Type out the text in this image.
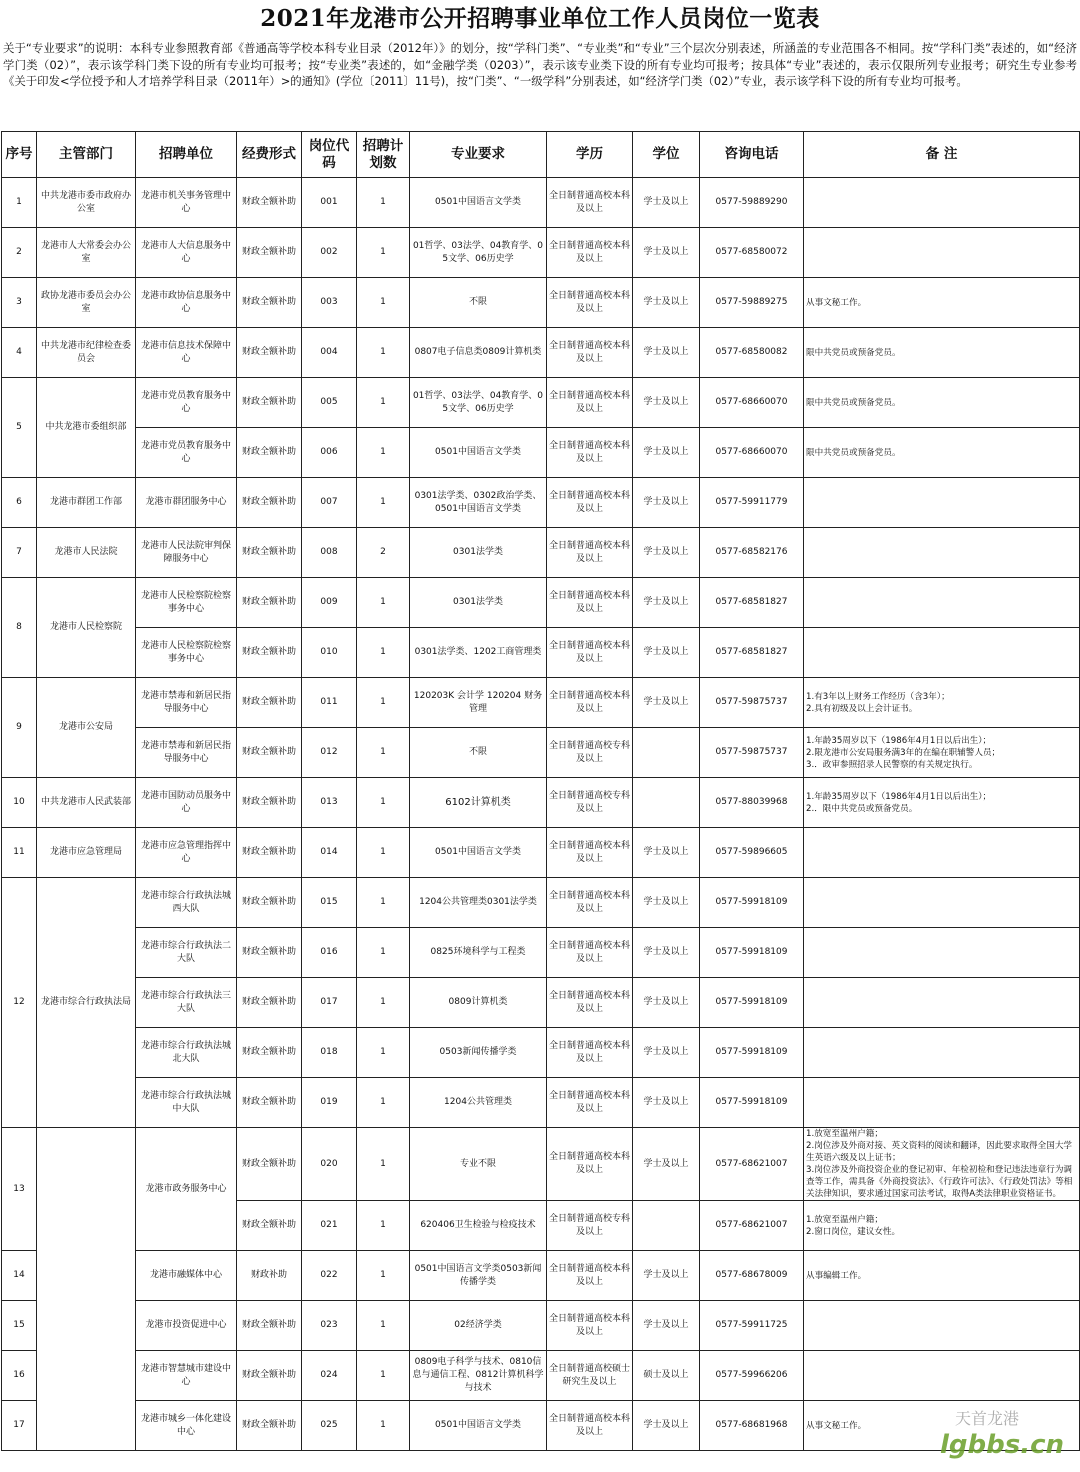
2021年龙港市公开招聘事业单位工作人员岗位一览表
关于“专业要求”的说明：本科专业参照教育部《普通高等学校本科专业目录（2012年）》的划分，按“学科门类”、“专业类”和“专业”三个层次分别表述，所涵盖的专业范围各不相同。按“学科门类”表述的，如“经济学门类（02）”，表示该学科门类下设的所有专业均可报考；按“专业类”表述的，如“金融学类（0203）”，表示该专业类下设的所有专业均可报考；按具体“专业”表述的，表示仅限所列专业报考；研究生专业参考《关于印发<学位授予和人才培养学科目录（2011年）>的通知》(学位〔2011〕11号)，按“门类”、“一级学科”分别表述，如“经济学门类（02）”专业，表示该学科下设的所有专业均可报考。
序号	主管部门	招聘单位	经费形式	岗位代码	招聘计划数	专业要求	学历	学位	咨询电话	备 注
1	中共龙港市委市政府办公室	龙港市机关事务管理中心	财政全额补助	001	1	0501中国语言文学类	全日制普通高校本科及以上	学士及以上	0577-59889290	
2	龙港市人大常委会办公室	龙港市人大信息服务中心	财政全额补助	002	1	01哲学、03法学、04教育学、05文学、06历史学	全日制普通高校本科及以上	学士及以上	0577-68580072	
3	政协龙港市委员会办公室	龙港市政协信息服务中心	财政全额补助	003	1	不限	全日制普通高校本科及以上	学士及以上	0577-59889275	从事文秘工作。
4	中共龙港市纪律检查委员会	龙港市信息技术保障中心	财政全额补助	004	1	0807电子信息类0809计算机类	全日制普通高校本科及以上	学士及以上	0577-68580082	限中共党员或预备党员。
5	中共龙港市委组织部	龙港市党员教育服务中心	财政全额补助	005	1	01哲学、03法学、04教育学、05文学、06历史学	全日制普通高校本科及以上	学士及以上	0577-68660070	限中共党员或预备党员。
		龙港市党员教育服务中心	财政全额补助	006	1	0501中国语言文学类	全日制普通高校本科及以上	学士及以上	0577-68660070	限中共党员或预备党员。
6	龙港市群团工作部	龙港市群团服务中心	财政全额补助	007	1	0301法学类、0302政治学类、0501中国语言文学类	全日制普通高校本科及以上	学士及以上	0577-59911779	
7	龙港市人民法院	龙港市人民法院审判保障服务中心	财政全额补助	008	2	0301法学类	全日制普通高校本科及以上	学士及以上	0577-68582176	
8	龙港市人民检察院	龙港市人民检察院检察事务中心	财政全额补助	009	1	0301法学类	全日制普通高校本科及以上	学士及以上	0577-68581827	
		龙港市人民检察院检察事务中心	财政全额补助	010	1	0301法学类、1202工商管理类	全日制普通高校本科及以上	学士及以上	0577-68581827	
9	龙港市公安局	龙港市禁毒和新居民指导服务中心	财政全额补助	011	1	120203K 会计学 120204 财务管理	全日制普通高校本科及以上	学士及以上	0577-59875737	1.有3年以上财务工作经历（含3年）；
2.具有初级及以上会计证书。
		龙港市禁毒和新居民指导服务中心	财政全额补助	012	1	不限	全日制普通高校专科及以上		0577-59875737	1.年龄35周岁以下（1986年4月1日以后出生）；
2.限龙港市公安局服务满3年的在编在职辅警人员；
3.．政审参照招录人民警察的有关规定执行。
10	中共龙港市人民武装部	龙港市国防动员服务中心	财政全额补助	013	1	6102计算机类	全日制普通高校专科及以上		0577-88039968	1.年龄35周岁以下（1986年4月1日以后出生）；
2.．限中共党员或预备党员。
11	龙港市应急管理局	龙港市应急管理指挥中心	财政全额补助	014	1	0501中国语言文学类	全日制普通高校本科及以上	学士及以上	0577-59896605	
12	龙港市综合行政执法局	龙港市综合行政执法城西大队	财政全额补助	015	1	1204公共管理类0301法学类	全日制普通高校本科及以上	学士及以上	0577-59918109	
		龙港市综合行政执法二大队	财政全额补助	016	1	0825环境科学与工程类	全日制普通高校本科及以上	学士及以上	0577-59918109	
		龙港市综合行政执法三大队	财政全额补助	017	1	0809计算机类	全日制普通高校本科及以上	学士及以上	0577-59918109	
		龙港市综合行政执法城北大队	财政全额补助	018	1	0503新闻传播学类	全日制普通高校本科及以上	学士及以上	0577-59918109	
		龙港市综合行政执法城中大队	财政全额补助	019	1	1204公共管理类	全日制普通高校本科及以上	学士及以上	0577-59918109	
13		龙港市政务服务中心	财政全额补助	020	1	专业不限	全日制普通高校本科及以上	学士及以上	0577-68621007	1.放宽至温州户籍；
2.岗位涉及外商对接、英文资料的阅读和翻译，因此要求取得全国大学生英语六级及以上证书；
3.岗位涉及外商投资企业的登记初审、年检初检和登记违法违章行为调查等工作，需具备《外商投资法》、《行政许可法》、《行政处罚法》等相关法律知识，要求通过国家司法考试，取得A类法律职业资格证书。
			财政全额补助	021	1	620406卫生检验与检疫技术	全日制普通高校专科及以上		0577-68621007	1.放宽至温州户籍；
2.窗口岗位，建议女性。
14		龙港市融媒体中心	财政补助	022	1	0501中国语言文学类0503新闻传播学类	全日制普通高校本科及以上	学士及以上	0577-68678009	从事编辑工作。
15		龙港市投资促进中心	财政全额补助	023	1	02经济学类	全日制普通高校本科及以上	学士及以上	0577-59911725	
16		龙港市智慧城市建设中心	财政全额补助	024	1	0809电子科学与技术、0810信息与通信工程、0812计算机科学与技术	全日制普通高校硕士研究生及以上	硕士及以上	0577-59966206	
17		龙港市城乡一体化建设中心	财政全额补助	025	1	0501中国语言文学类	全日制普通高校本科及以上	学士及以上	0577-68681968	从事文秘工作。	天首龙港
lgbbs.cn
